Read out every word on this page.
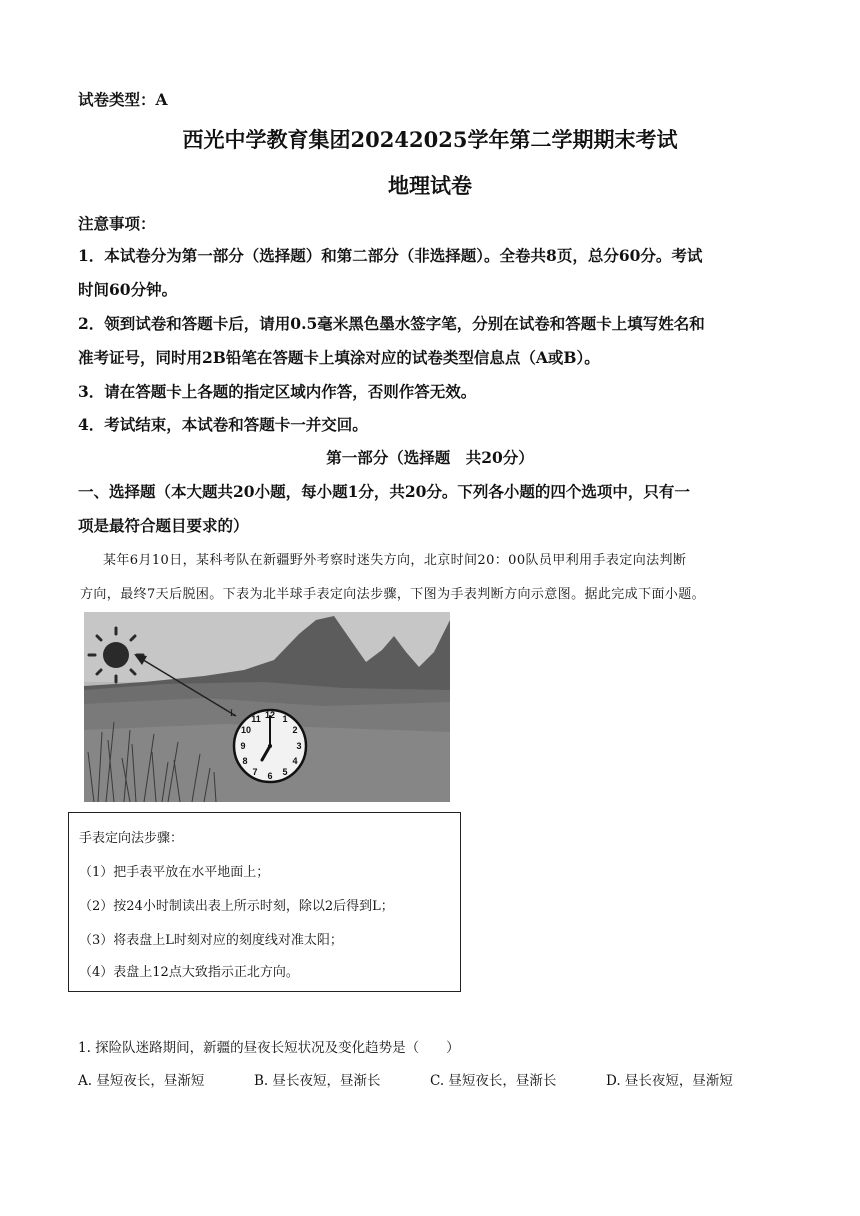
试卷类型：A
西光中学教育集团20242025学年第二学期期末考试
地理试卷
注意事项：
1．本试卷分为第一部分（选择题）和第二部分（非选择题）。全卷共8页，总分60分。考试
时间60分钟。
2．领到试卷和答题卡后，请用0.5毫米黑色墨水签字笔，分别在试卷和答题卡上填写姓名和
准考证号，同时用2B铅笔在答题卡上填涂对应的试卷类型信息点（A或B）。
3．请在答题卡上各题的指定区域内作答，否则作答无效。
4．考试结束，本试卷和答题卡一并交回。
第一部分（选择题　共20分）
一、选择题（本大题共20小题，每小题1分，共20分。下列各小题的四个选项中，只有一
项是最符合题目要求的）
某年6月10日，某科考队在新疆野外考察时迷失方向，北京时间20：00队员甲利用手表定向法判断
方向，最终7天后脱困。下表为北半球手表定向法步骤，下图为手表判断方向示意图。据此完成下面小题。
L	12 1
2
3
4
5
6
7
8
9
10
11
手表定向法步骤：
（1）把手表平放在水平地面上；
（2）按24小时制读出表上所示时刻，除以2后得到L；
（3）将表盘上L时刻对应的刻度线对准太阳；
（4）表盘上12点大致指示正北方向。
1. 探险队迷路期间，新疆的昼夜长短状况及变化趋势是（　　）
A. 昼短夜长，昼渐短	B. 昼长夜短，昼渐长	C. 昼短夜长，昼渐长	D. 昼长夜短，昼渐短
